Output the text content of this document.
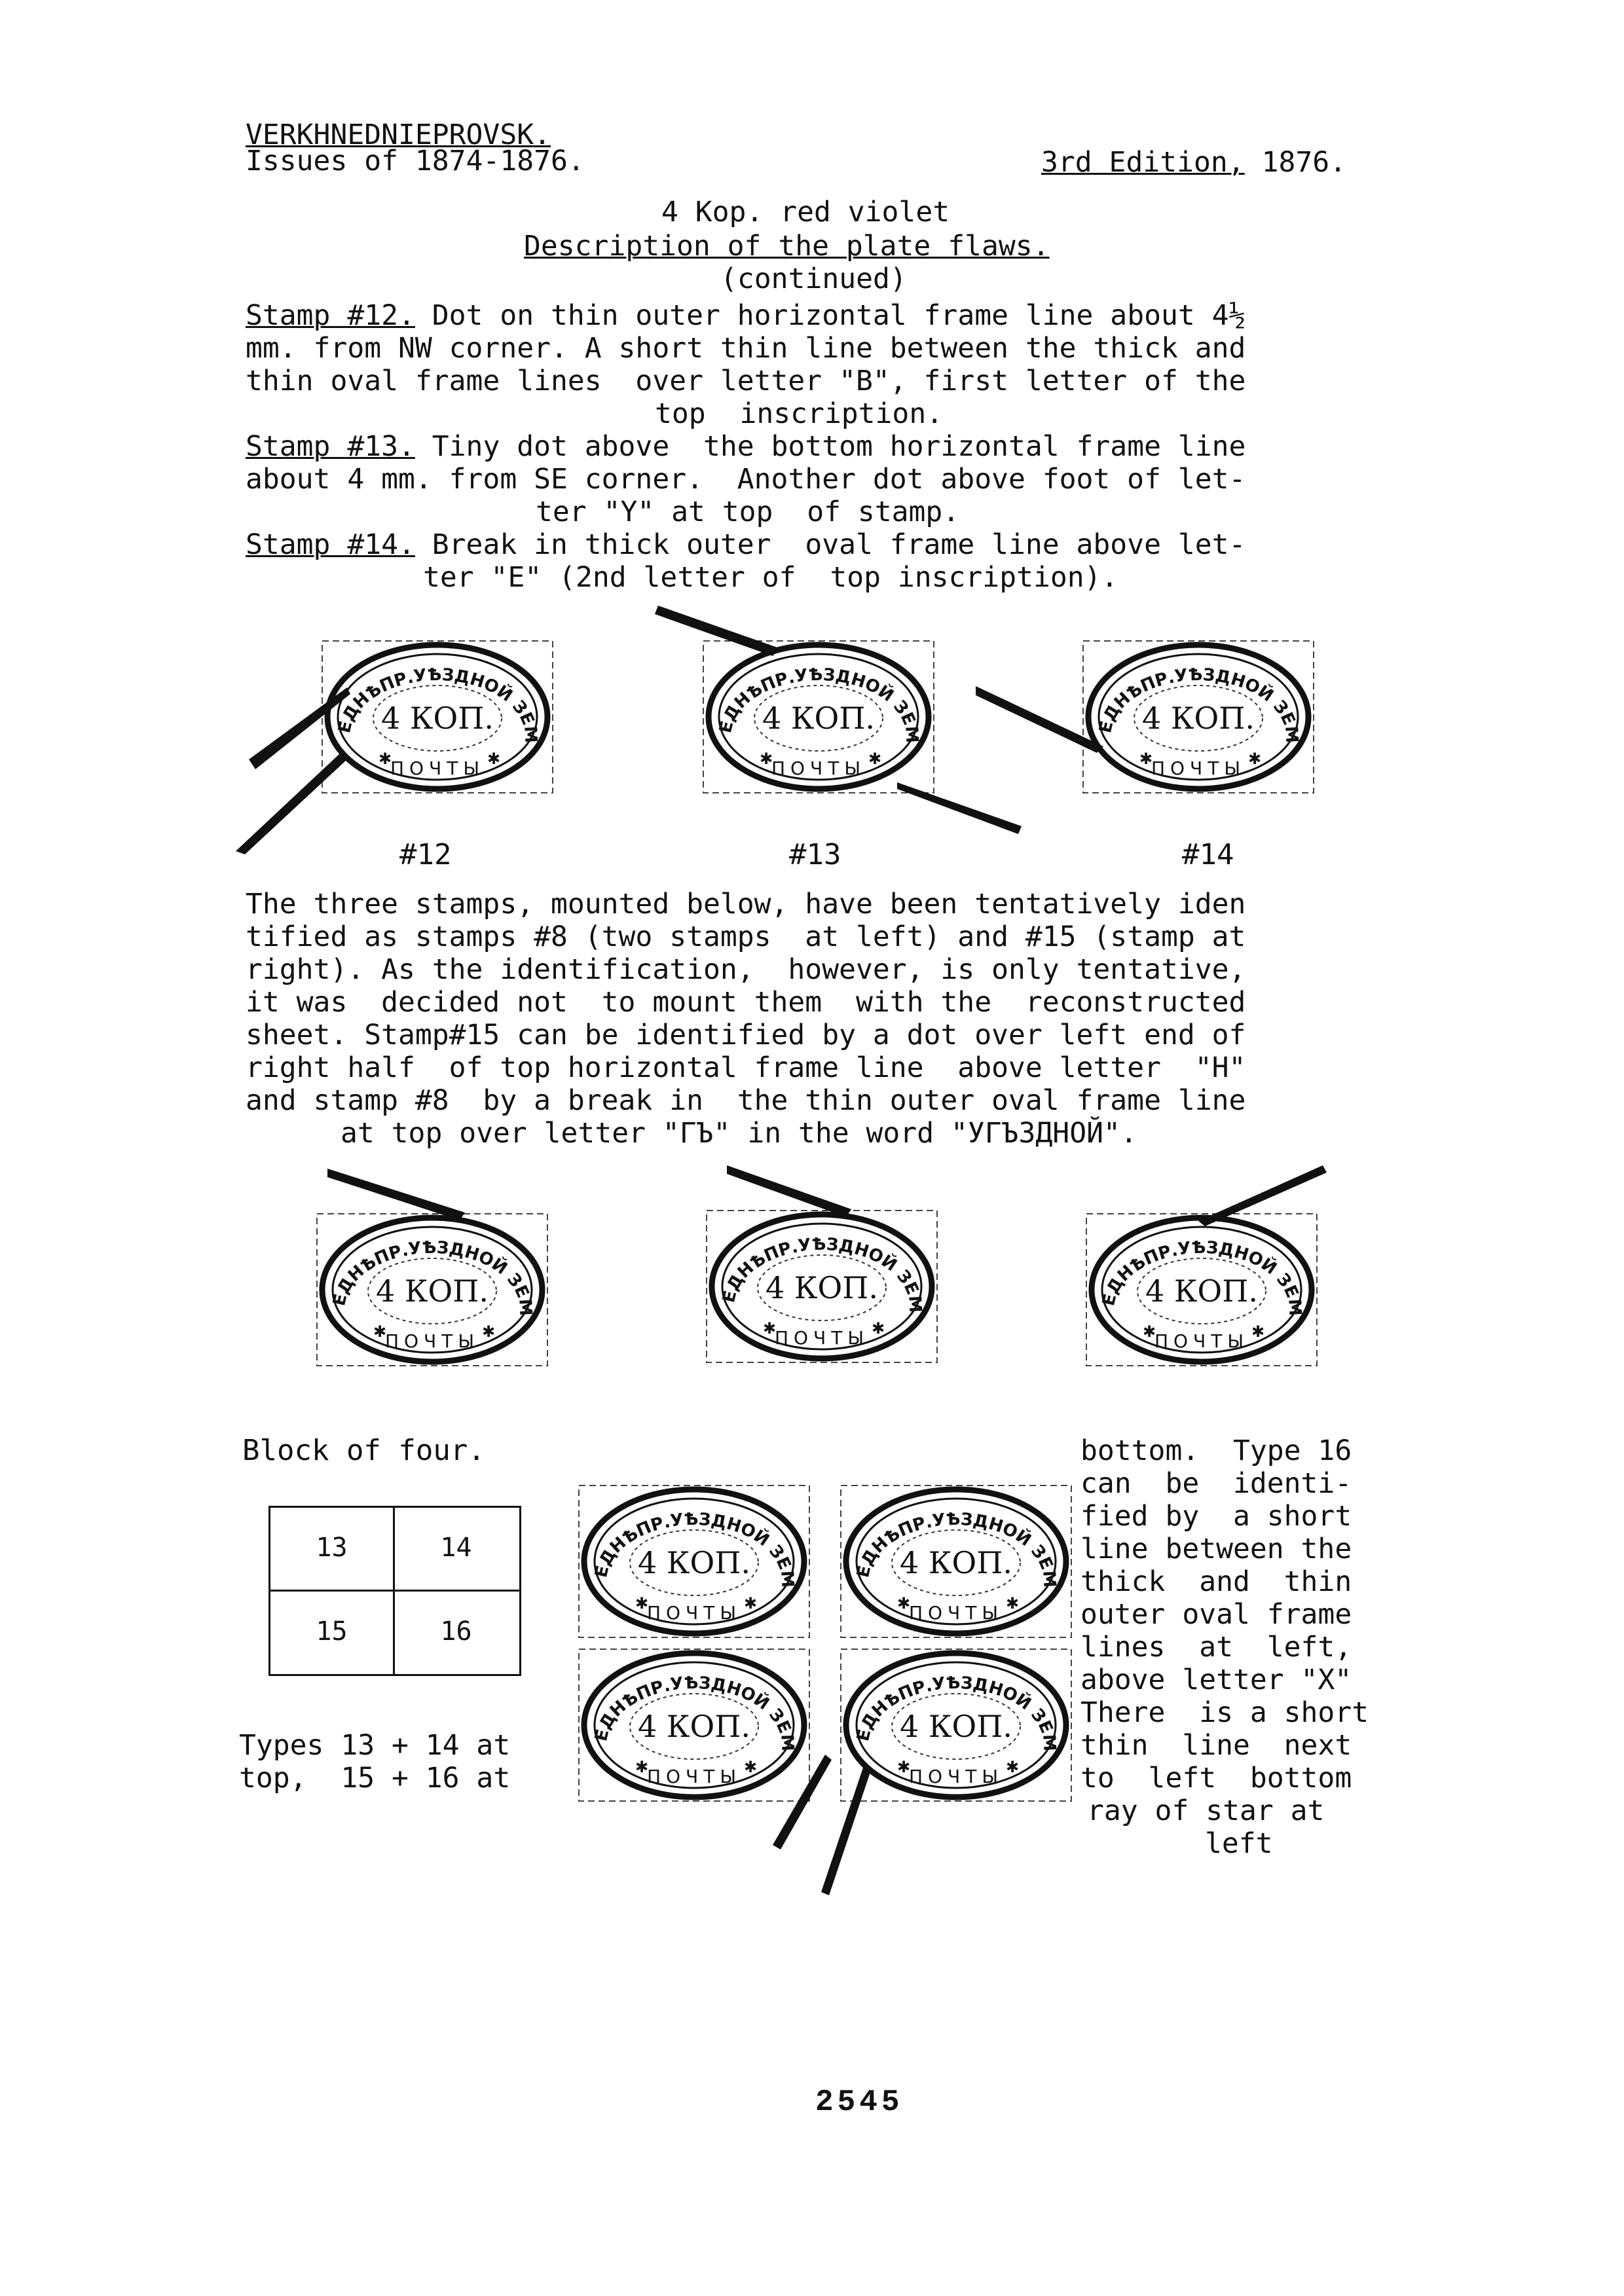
VERKHNEDNIEPROVSK.
Issues of 1874-1876.	3rd Edition, 1876.
4 Kop. red violet
Description of the plate flaws.
(continued)
Stamp #12. Dot on thin outer horizontal frame line about 4½
mm. from NW corner. A short thin line between the thick and
thin oval frame lines  over letter "B", first letter of the
top  inscription.
Stamp #13. Tiny dot above  the bottom horizontal frame line
about 4 mm. from SE corner.  Another dot above foot of let-
ter "Y" at top  of stamp.
Stamp #14. Break in thick outer  oval frame line above let-
ter "E" (2nd letter of  top inscription).
#12	#13	#14
The three stamps, mounted below, have been tentatively iden
tified as stamps #8 (two stamps  at left) and #15 (stamp at
right). As the identification,  however, is only tentative,
it was  decided not  to mount them  with the  reconstructed
sheet. Stamp#15 can be identified by a dot over left end of
right half  of top horizontal frame line  above letter  "H"
and stamp #8  by a break in  the thin outer oval frame line
at top over letter "ГЪ" in the word "УГЪЗДНОЙ".
Block of four.
13	14
15	16
Types 13 + 14 at
top,  15 + 16 at
bottom.  Type 16
can  be  identi-
fied by  a short
line between the
thick  and  thin
outer oval frame
lines  at  left,
above letter "X"
There  is a short
thin  line  next
to  left  bottom
ray of star at
left
2545
